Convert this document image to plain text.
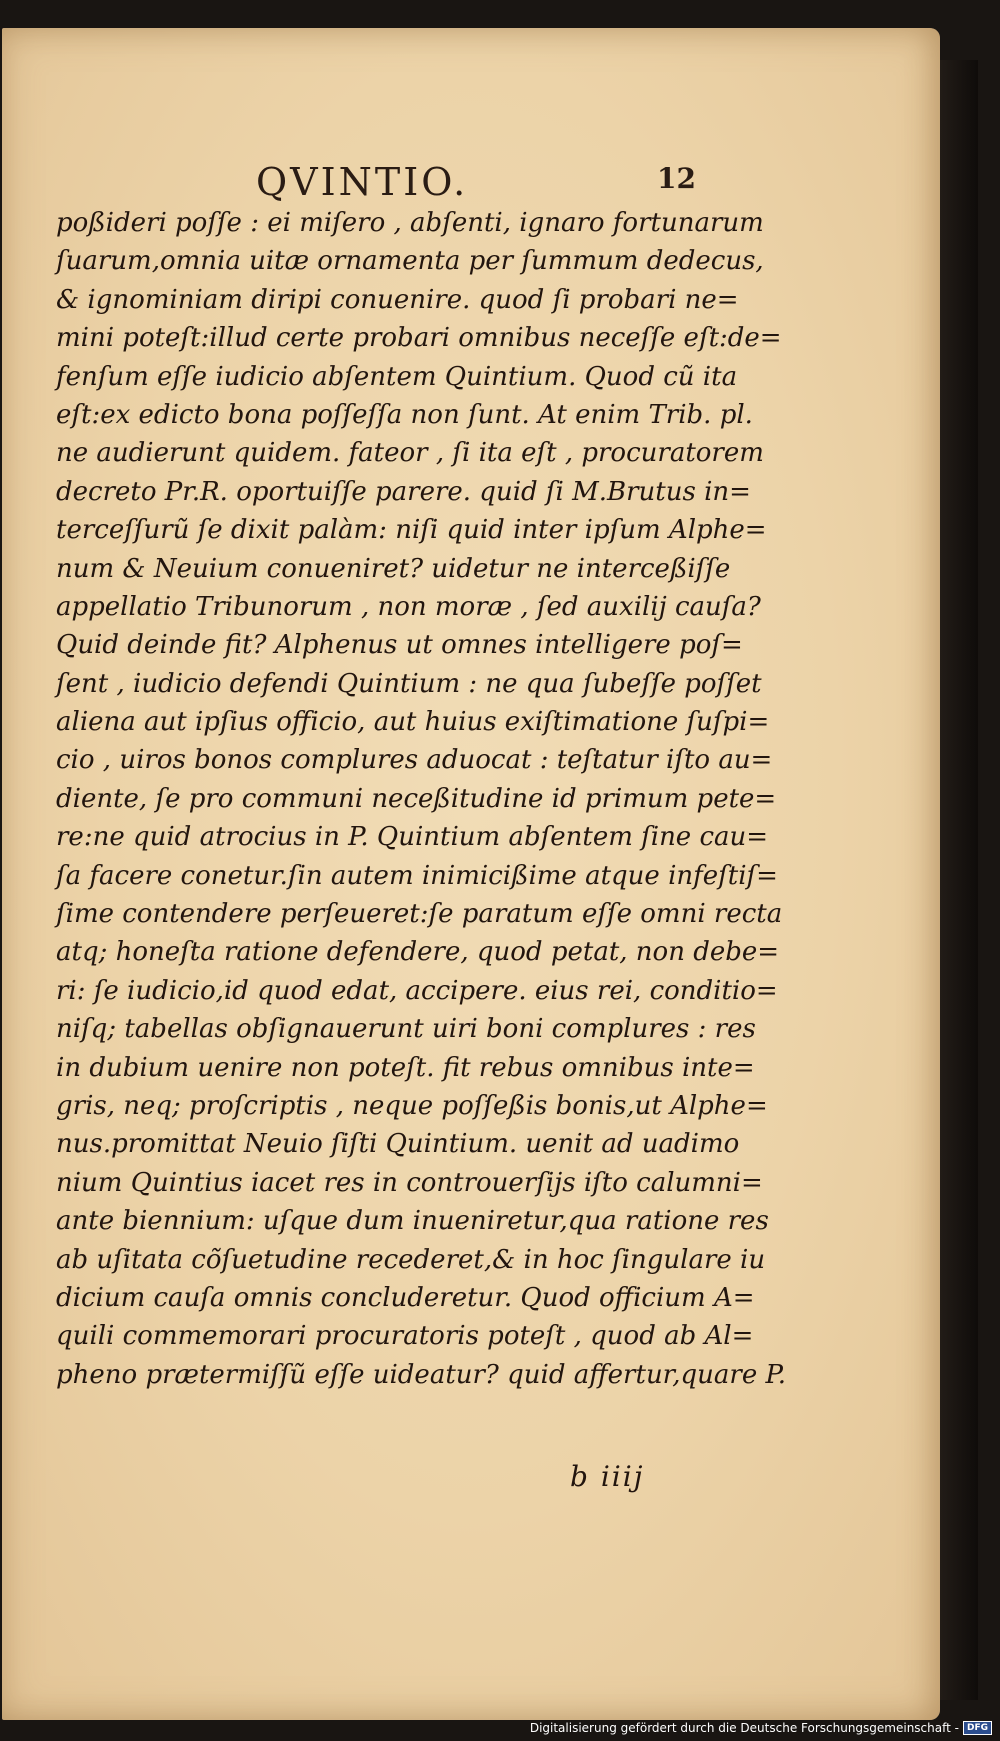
QVINTIO.	12
poßideri poſſe : ei miſero , abſenti, ignaro fortunarum
ſuarum,omnia uitæ ornamenta per ſummum dedecus,
& ignominiam diripi conuenire. quod ſi probari ne=
mini poteſt:illud certe probari omnibus neceſſe eſt:de=
fenſum eſſe iudicio abſentem Quintium. Quod cũ ita
eſt:ex edicto bona poſſeſſa non ſunt. At enim Trib. pl.
ne audierunt quidem. fateor , ſi ita eſt , procuratorem
decreto Pr.R. oportuiſſe parere. quid ſi M.Brutus in=
terceſſurũ ſe dixit palàm: niſi quid inter ipſum Alphe=
num & Neuium conueniret? uidetur ne interceßiſſe
appellatio Tribunorum , non moræ , ſed auxilij cauſa?
Quid deinde fit? Alphenus ut omnes intelligere poſ=
ſent , iudicio defendi Quintium : ne qua ſubeſſe poſſet
aliena aut ipſius officio, aut huius exiſtimatione ſuſpi=
cio , uiros bonos complures aduocat : teſtatur iſto au=
diente, ſe pro communi neceßitudine id primum pete=
re:ne quid atrocius in P. Quintium abſentem ſine cau=
ſa facere conetur.ſin autem inimicißime atque infeſtiſ=
ſime contendere perſeueret:ſe paratum eſſe omni recta
atq; honeſta ratione defendere, quod petat, non debe=
ri: ſe iudicio,id quod edat, accipere. eius rei, conditio=
niſq; tabellas obſignauerunt uiri boni complures : res
in dubium uenire non poteſt. fit rebus omnibus inte=
gris, neq; proſcriptis , neque poſſeßis bonis,ut Alphe=
nus.promittat Neuio ſiſti Quintium. uenit ad uadimo
nium Quintius iacet res in controuerſijs iſto calumni=
ante biennium: uſque dum inueniretur,qua ratione res
ab uſitata cõſuetudine recederet,& in hoc ſingulare iu
dicium cauſa omnis concluderetur. Quod officium A=
quili commemorari procuratoris poteſt , quod ab Al=
pheno prætermiſſũ eſſe uideatur? quid affertur,quare P.
b iiij
Digitalisierung gefördert durch die Deutsche Forschungsgemeinschaft - DFG
